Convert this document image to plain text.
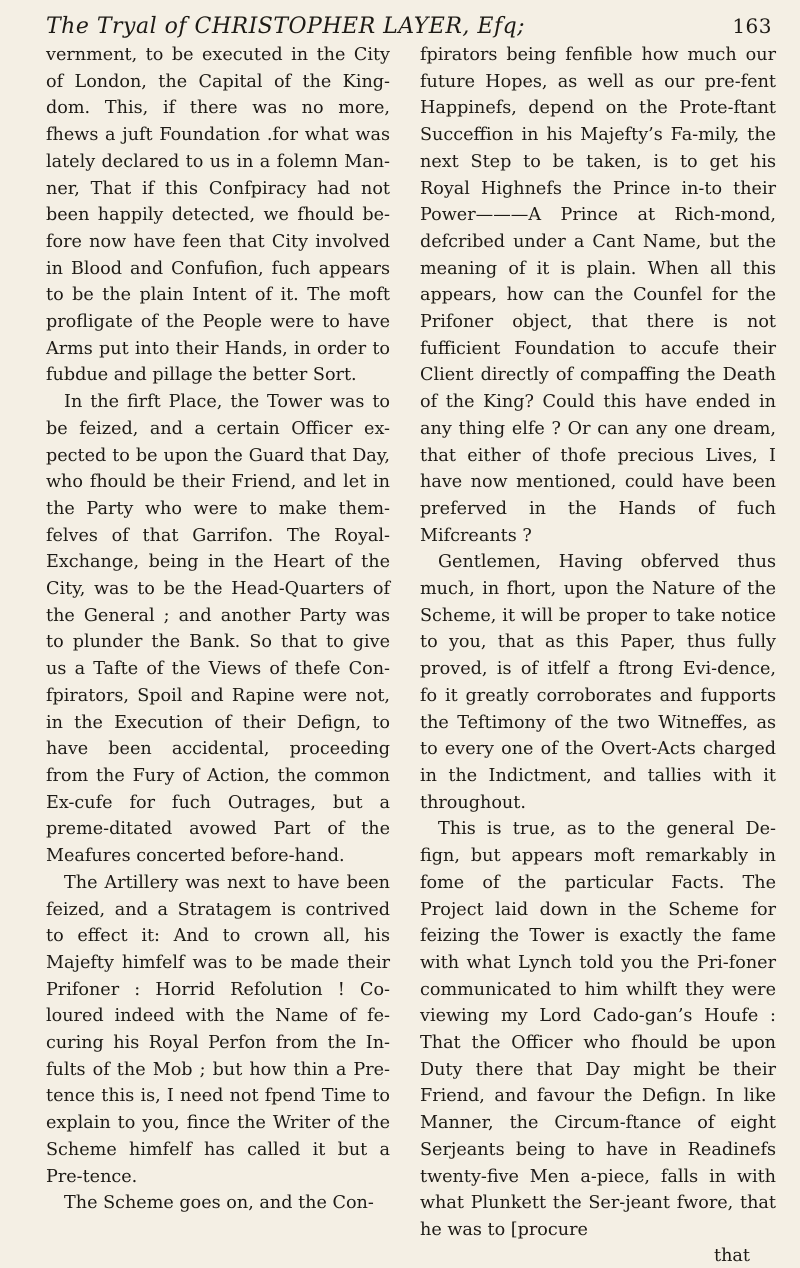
The Tryal of CHRISTOPHER LAYER, Efq;	163

vernment, to be executed in the City of London, the Capital of the King-dom. This, if there was no more, fhews a juft Foundation .for what was lately declared to us in a folemn Man-ner, That if this Confpiracy had not been happily detected, we fhould be-fore now have feen that City involved in Blood and Confufion, fuch appears to be the plain Intent of it. The moft profligate of the People were to have Arms put into their Hands, in order to fubdue and pillage the better Sort.

In the firft Place, the Tower was to be feized, and a certain Officer ex-pected to be upon the Guard that Day, who fhould be their Friend, and let in the Party who were to make them-felves of that Garrifon. The Royal-Exchange, being in the Heart of the City, was to be the Head-Quarters of the General ; and another Party was to plunder the Bank. So that to give us a Tafte of the Views of thefe Con-fpirators, Spoil and Rapine were not, in the Execution of their Defign, to have been accidental, proceeding from the Fury of Action, the common Ex-cufe for fuch Outrages, but a preme-ditated avowed Part of the Meafures concerted before-hand.

The Artillery was next to have been feized, and a Stratagem is contrived to effect it: And to crown all, his Majefty himfelf was to be made their Prifoner : Horrid Refolution ! Co-loured indeed with the Name of fe-curing his Royal Perfon from the In-fults of the Mob ; but how thin a Pre-tence this is, I need not fpend Time to explain to you, fince the Writer of the Scheme himfelf has called it but a Pre-tence.

The Scheme goes on, and the Con-

fpirators being fenfible how much our future Hopes, as well as our pre-fent Happinefs, depend on the Prote-ftant Succeffion in his Majefty’s Fa-mily, the next Step to be taken, is to get his Royal Highnefs the Prince in-to their Power———A Prince at Rich-mond, defcribed under a Cant Name, but the meaning of it is plain. When all this appears, how can the Counfel for the Prifoner object, that there is not fufficient Foundation to accufe their Client directly of compaffing the Death of the King? Could this have ended in any thing elfe ? Or can any one dream, that either of thofe precious Lives, I have now mentioned, could have been preferved in the Hands of fuch Mifcreants ?

Gentlemen, Having obferved thus much, in fhort, upon the Nature of the Scheme, it will be proper to take notice to you, that as this Paper, thus fully proved, is of itfelf a ftrong Evi-dence, fo it greatly corroborates and fupports the Teftimony of the two Witneffes, as to every one of the Overt-Acts charged in the Indictment, and tallies with it throughout.

This is true, as to the general De-fign, but appears moft remarkably in fome of the particular Facts. The Project laid down in the Scheme for feizing the Tower is exactly the fame with what Lynch told you the Pri-foner communicated to him whilft they were viewing my Lord Cado-gan’s Houfe : That the Officer who fhould be upon Duty there that Day might be their Friend, and favour the Defign. In like Manner, the Circum-ftance of eight Serjeants being to have in Readinefs twenty-five Men a-piece, falls in with what Plunkett the Ser-jeant fwore, that he was to [procure

that
